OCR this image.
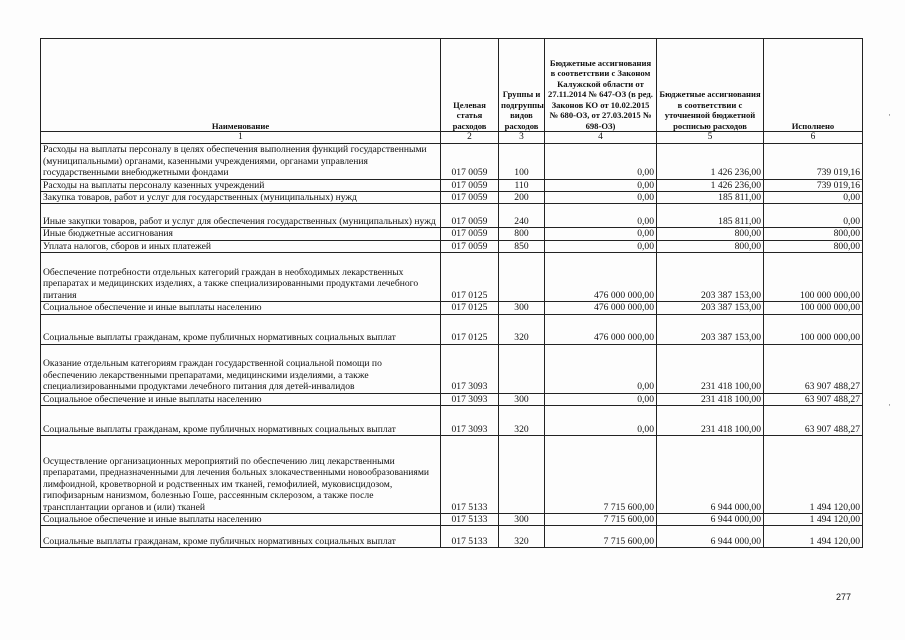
Наименование	Целевая статья расходов	Группы и подгруппы видов расходов	Бюджетные ассигнования в соответствии с Законом Калужской области от 27.11.2014 № 647-ОЗ (в ред. Законов КО от 10.02.2015 № 680-ОЗ, от 27.03.2015 № 698-ОЗ)	Бюджетные ассигнования в соответствии с уточненной бюджетной росписью расходов	Исполнено
1	2	3	4	5	6
Расходы на выплаты персоналу в целях обеспечения выполнения функций государственными (муниципальными) органами, казенными учреждениями, органами управления государственными внебюджетными фондами	017 0059	100	0,00	1 426 236,00	739 019,16
Расходы на выплаты персоналу казенных учреждений	017 0059	110	0,00	1 426 236,00	739 019,16
Закупка товаров, работ и услуг для государственных (муниципальных) нужд	017 0059	200	0,00	185 811,00	0,00
Иные закупки товаров, работ и услуг для обеспечения государственных (муниципальных) нужд	017 0059	240	0,00	185 811,00	0,00
Иные бюджетные ассигнования	017 0059	800	0,00	800,00	800,00
Уплата налогов, сборов и иных платежей	017 0059	850	0,00	800,00	800,00
Обеспечение потребности отдельных категорий граждан в необходимых лекарственных препаратах и медицинских изделиях, а также специализированными продуктами лечебного питания	017 0125		476 000 000,00	203 387 153,00	100 000 000,00
Социальное обеспечение и иные выплаты населению	017 0125	300	476 000 000,00	203 387 153,00	100 000 000,00
Социальные выплаты гражданам, кроме публичных нормативных социальных выплат	017 0125	320	476 000 000,00	203 387 153,00	100 000 000,00
Оказание отдельным категориям граждан государственной социальной помощи по обеспечению лекарственными препаратами, медицинскими изделиями, а также специализированными продуктами лечебного питания для детей-инвалидов	017 3093		0,00	231 418 100,00	63 907 488,27
Социальное обеспечение и иные выплаты населению	017 3093	300	0,00	231 418 100,00	63 907 488,27
Социальные выплаты гражданам, кроме публичных нормативных социальных выплат	017 3093	320	0,00	231 418 100,00	63 907 488,27
Осуществление организационных мероприятий по обеспечению лиц лекарственными препаратами, предназначенными для лечения больных злокачественными новообразованиями лимфоидной, кроветворной и родственных им тканей, гемофилией, муковисцидозом, гипофизарным нанизмом, болезнью Гоше, рассеянным склерозом, а также после трансплантации органов и (или) тканей	017 5133		7 715 600,00	6 944 000,00	1 494 120,00
Социальное обеспечение и иные выплаты населению	017 5133	300	7 715 600,00	6 944 000,00	1 494 120,00
Социальные выплаты гражданам, кроме публичных нормативных социальных выплат	017 5133	320	7 715 600,00	6 944 000,00	1 494 120,00
277
·
·
